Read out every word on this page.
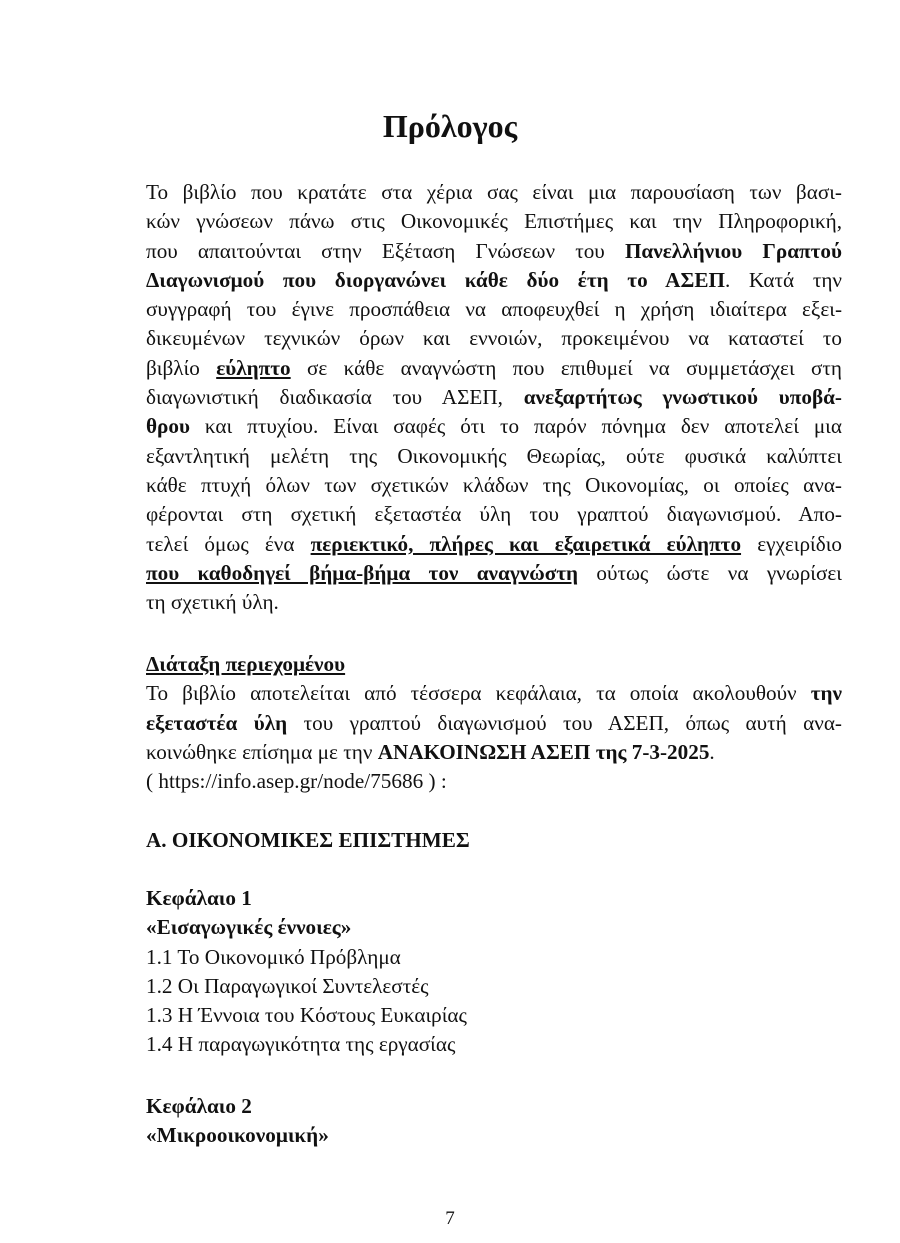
Πρόλογος
Το βιβλίο που κρατάτε στα χέρια σας είναι μια παρουσίαση των βασι-
κών γνώσεων πάνω στις Οικονομικές Επιστήμες και την Πληροφορική,
που απαιτούνται στην Εξέταση Γνώσεων του Πανελλήνιου Γραπτού
Διαγωνισμού που διοργανώνει κάθε δύο έτη το ΑΣΕΠ. Κατά την
συγγραφή του έγινε προσπάθεια να αποφευχθεί η χρήση ιδιαίτερα εξει-
δικευμένων τεχνικών όρων και εννοιών, προκειμένου να καταστεί το
βιβλίο εύληπτο σε κάθε αναγνώστη που επιθυμεί να συμμετάσχει στη
διαγωνιστική διαδικασία του ΑΣΕΠ, ανεξαρτήτως γνωστικού υποβά-
θρου και πτυχίου. Είναι σαφές ότι το παρόν πόνημα δεν αποτελεί μια
εξαντλητική μελέτη της Οικονομικής Θεωρίας, ούτε φυσικά καλύπτει
κάθε πτυχή όλων των σχετικών κλάδων της Οικονομίας, οι οποίες ανα-
φέρονται στη σχετική εξεταστέα ύλη του γραπτού διαγωνισμού. Απο-
τελεί όμως ένα περιεκτικό, πλήρες και εξαιρετικά εύληπτο εγχειρίδιο
που καθοδηγεί βήμα-βήμα τον αναγνώστη ούτως ώστε να γνωρίσει
τη σχετική ύλη.
Διάταξη περιεχομένου
Το βιβλίο αποτελείται από τέσσερα κεφάλαια, τα οποία ακολουθούν την
εξεταστέα ύλη του γραπτού διαγωνισμού του ΑΣΕΠ, όπως αυτή ανα-
κοινώθηκε επίσημα με την ΑΝΑΚΟΙΝΩΣΗ ΑΣΕΠ της 7-3-2025.
( https://info.asep.gr/node/75686 ) :
Α. ΟΙΚΟΝΟΜΙΚΕΣ ΕΠΙΣΤΗΜΕΣ
Κεφάλαιο 1
«Εισαγωγικές έννοιες»
1.1 Το Οικονομικό Πρόβλημα
1.2 Οι Παραγωγικοί Συντελεστές
1.3 Η Έννοια του Κόστους Ευκαιρίας
1.4 Η παραγωγικότητα της εργασίας
Κεφάλαιο 2
«Μικροοικονομική»
7
